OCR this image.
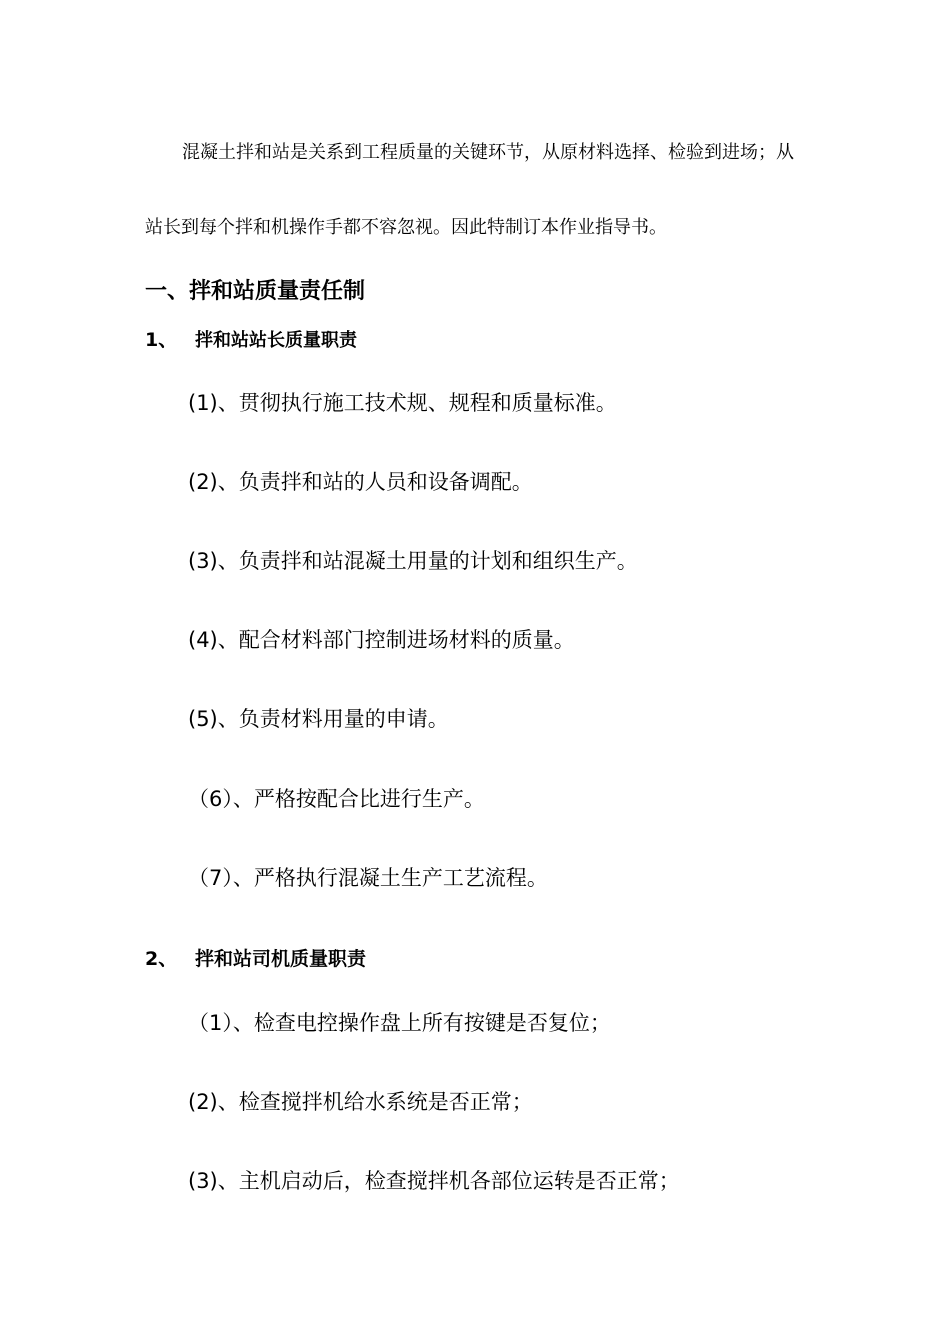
混凝土拌和站是关系到工程质量的关键环节，从原材料选择、检验到进场；从

站长到每个拌和机操作手都不容忽视。因此特制订本作业指导书。

一、拌和站质量责任制
1、 拌和站站长质量职责

(1)、贯彻执行施工技术规、规程和质量标准。

(2)、负责拌和站的人员和设备调配。

(3)、负责拌和站混凝土用量的计划和组织生产。

(4)、配合材料部门控制进场材料的质量。

(5)、负责材料用量的申请。

（6）、严格按配合比进行生产。

（7）、严格执行混凝土生产工艺流程。

2、 拌和站司机质量职责

（1）、检查电控操作盘上所有按键是否复位；

(2)、检查搅拌机给水系统是否正常；

(3)、主机启动后，检查搅拌机各部位运转是否正常；
